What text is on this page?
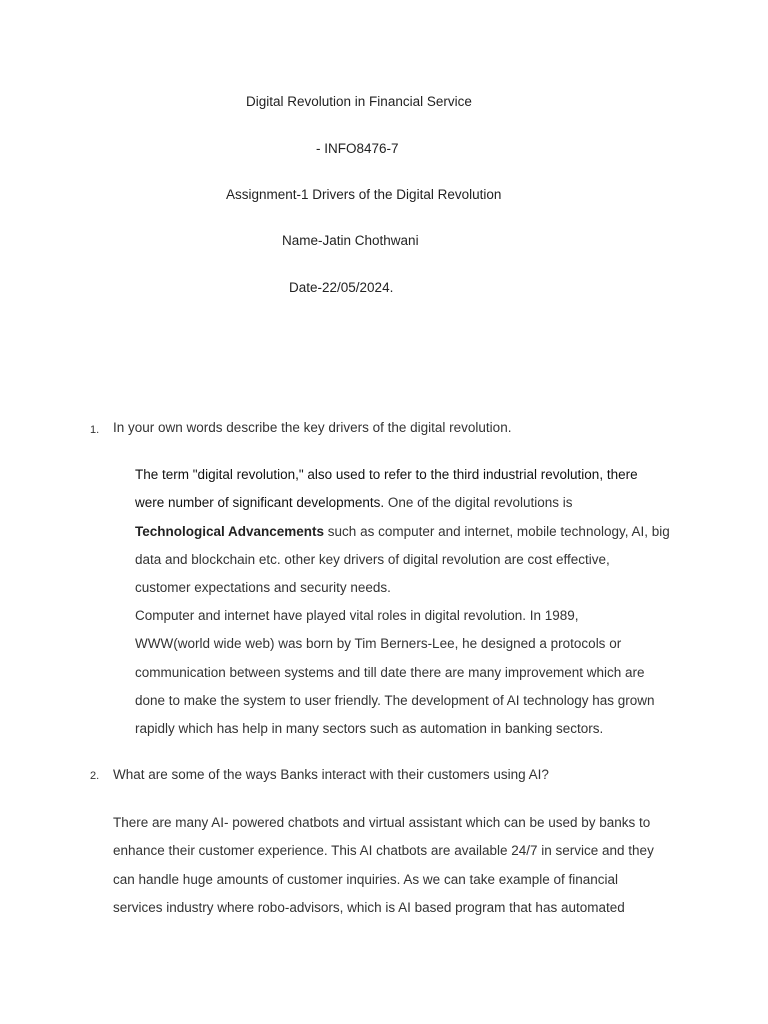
Digital Revolution in Financial Service
- INFO8476-7
Assignment-1 Drivers of the Digital Revolution
Name-Jatin Chothwani
Date-22/05/2024.
1. In your own words describe the key drivers of the digital revolution.
The term "digital revolution," also used to refer to the third industrial revolution, there
were number of significant developments. One of the digital revolutions is
Technological Advancements such as computer and internet, mobile technology, AI, big
data and blockchain etc. other key drivers of digital revolution are cost effective,
customer expectations and security needs.
Computer and internet have played vital roles in digital revolution. In 1989,
WWW(world wide web) was born by Tim Berners-Lee, he designed a protocols or
communication between systems and till date there are many improvement which are
done to make the system to user friendly. The development of AI technology has grown
rapidly which has help in many sectors such as automation in banking sectors.
2. What are some of the ways Banks interact with their customers using AI?
There are many AI- powered chatbots and virtual assistant which can be used by banks to
enhance their customer experience. This AI chatbots are available 24/7 in service and they
can handle huge amounts of customer inquiries. As we can take example of financial
services industry where robo-advisors, which is AI based program that has automated
